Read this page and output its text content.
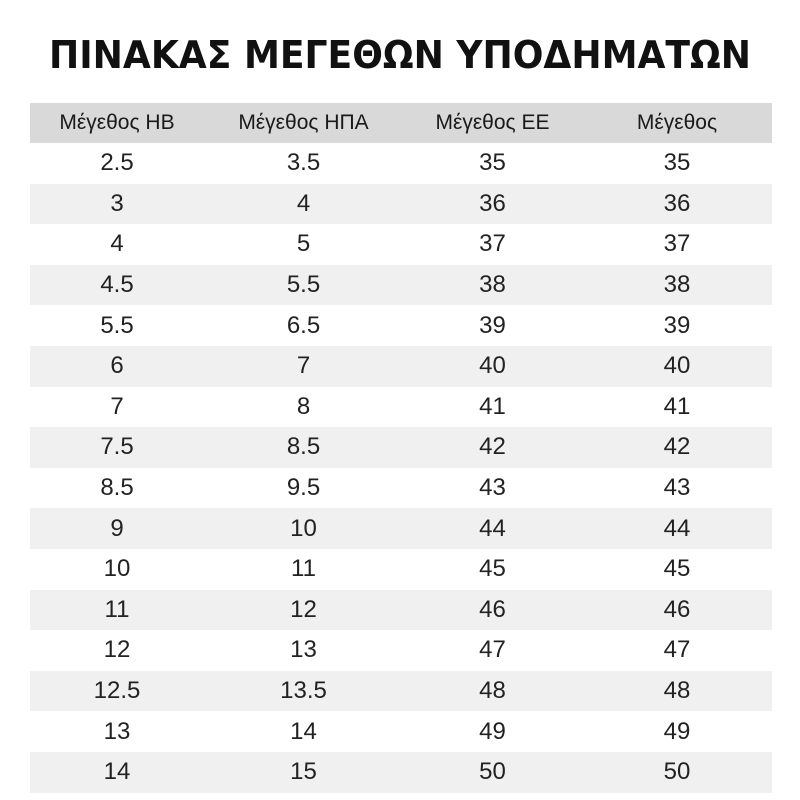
ΠΙΝΑΚΑΣ ΜΕΓΕΘΩΝ ΥΠΟΔΗΜΑΤΩΝ
Μέγεθος ΗΒ	Μέγεθος ΗΠΑ	Μέγεθος ΕΕ	Μέγεθος
2.5	3.5	35	35
3	4	36	36
4	5	37	37
4.5	5.5	38	38
5.5	6.5	39	39
6	7	40	40
7	8	41	41
7.5	8.5	42	42
8.5	9.5	43	43
9	10	44	44
10	11	45	45
11	12	46	46
12	13	47	47
12.5	13.5	48	48
13	14	49	49
14	15	50	50
